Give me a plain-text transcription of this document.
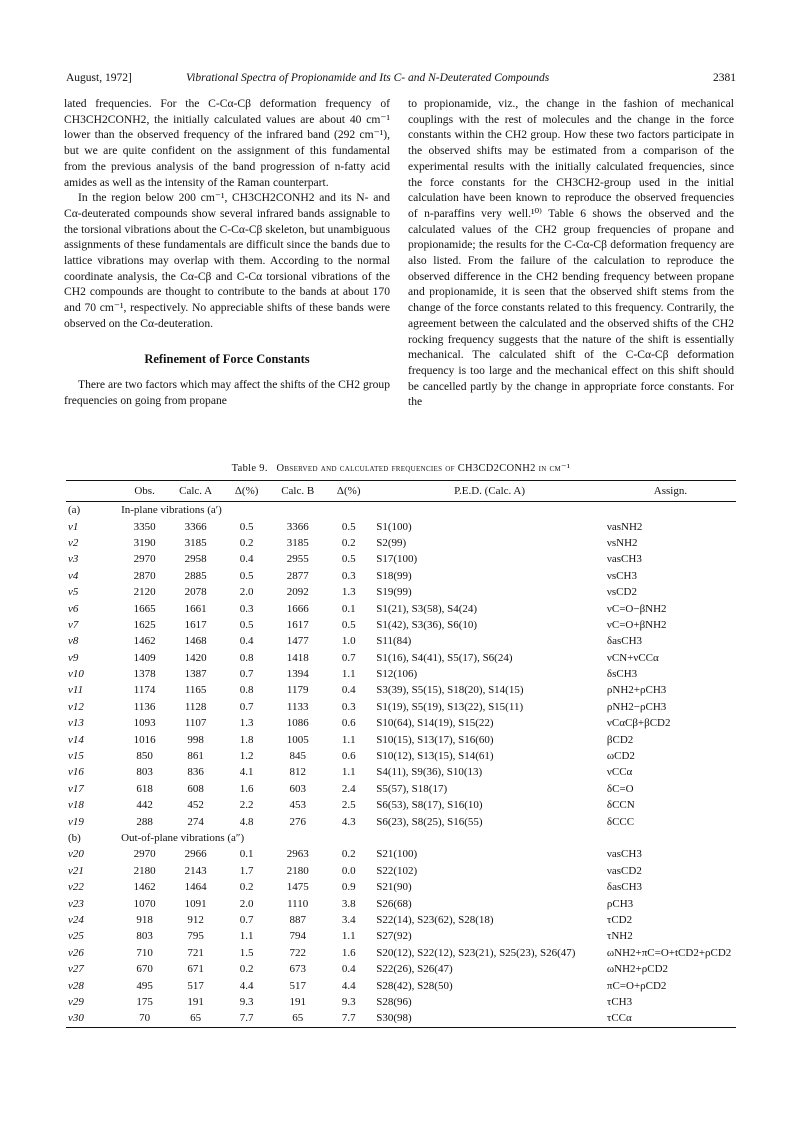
August, 1972]	Vibrational Spectra of Propionamide and Its C- and N-Deuterated Compounds	2381

lated frequencies. For the C-Cα-Cβ deformation frequency of CH3CH2CONH2, the initially calculated values are about 40 cm⁻¹ lower than the observed frequency of the infrared band (292 cm⁻¹), but we are quite confident on the assignment of this fundamental from the previous analysis of the band progression of n-fatty acid amides as well as the intensity of the Raman counterpart.

In the region below 200 cm⁻¹, CH3CH2CONH2 and its N- and Cα-deuterated compounds show several infrared bands assignable to the torsional vibrations about the C-Cα-Cβ skeleton, but unambiguous assignments of these fundamentals are difficult since the bands due to lattice vibrations may overlap with them. According to the normal coordinate analysis, the Cα-Cβ and C-Cα torsional vibrations of the CH2 compounds are thought to contribute to the bands at about 170 and 70 cm⁻¹, respectively. No appreciable shifts of these bands were observed on the Cα-deuteration.

Refinement of Force Constants

There are two factors which may affect the shifts of the CH2 group frequencies on going from propane

to propionamide, viz., the change in the fashion of mechanical couplings with the rest of molecules and the change in the force constants within the CH2 group. How these two factors participate in the observed shifts may be estimated from a comparison of the experimental results with the initially calculated frequencies, since the force constants for the CH3CH2-group used in the initial calculation have been known to reproduce the observed frequencies of n-paraffins very well.¹⁰⁾ Table 6 shows the observed and the calculated values of the CH2 group frequencies of propane and propionamide; the results for the C-Cα-Cβ deformation frequency are also listed. From the failure of the calculation to reproduce the observed difference in the CH2 bending frequency between propane and propionamide, it is seen that the observed shift stems from the change of the force constants related to this frequency. Contrarily, the agreement between the calculated and the observed shifts of the CH2 rocking frequency suggests that the nature of the shift is essentially mechanical. The calculated shift of the C-Cα-Cβ deformation frequency is too large and the mechanical effect on this shift should be cancelled partly by the change in appropriate force constants. For the

Table 9. Observed and calculated frequencies of CH3CD2CONH2 in cm⁻¹
	Obs.	Calc. A	Δ(%)	Calc. B	Δ(%)	P.E.D. (Calc. A)	Assign.
(a)	In-plane vibrations (a′)						
ν1	3350	3366	0.5	3366	0.5	S1(100)	νasNH2
ν2	3190	3185	0.2	3185	0.2	S2(99)	νsNH2
ν3	2970	2958	0.4	2955	0.5	S17(100)	νasCH3
ν4	2870	2885	0.5	2877	0.3	S18(99)	νsCH3
ν5	2120	2078	2.0	2092	1.3	S19(99)	νsCD2
ν6	1665	1661	0.3	1666	0.1	S1(21), S3(58), S4(24)	νC=O−βNH2
ν7	1625	1617	0.5	1617	0.5	S1(42), S3(36), S6(10)	νC=O+βNH2
ν8	1462	1468	0.4	1477	1.0	S11(84)	δasCH3
ν9	1409	1420	0.8	1418	0.7	S1(16), S4(41), S5(17), S6(24)	νCN+νCCα
ν10	1378	1387	0.7	1394	1.1	S12(106)	δsCH3
ν11	1174	1165	0.8	1179	0.4	S3(39), S5(15), S18(20), S14(15)	ρNH2+ρCH3
ν12	1136	1128	0.7	1133	0.3	S1(19), S5(19), S13(22), S15(11)	ρNH2−ρCH3
ν13	1093	1107	1.3	1086	0.6	S10(64), S14(19), S15(22)	νCαCβ+βCD2
ν14	1016	998	1.8	1005	1.1	S10(15), S13(17), S16(60)	βCD2
ν15	850	861	1.2	845	0.6	S10(12), S13(15), S14(61)	ωCD2
ν16	803	836	4.1	812	1.1	S4(11), S9(36), S10(13)	νCCα
ν17	618	608	1.6	603	2.4	S5(57), S18(17)	δC=O
ν18	442	452	2.2	453	2.5	S6(53), S8(17), S16(10)	δCCN
ν19	288	274	4.8	276	4.3	S6(23), S8(25), S16(55)	δCCC
(b)	Out-of-plane vibrations (a″)						
ν20	2970	2966	0.1	2963	0.2	S21(100)	νasCH3
ν21	2180	2143	1.7	2180	0.0	S22(102)	νasCD2
ν22	1462	1464	0.2	1475	0.9	S21(90)	δasCH3
ν23	1070	1091	2.0	1110	3.8	S26(68)	ρCH3
ν24	918	912	0.7	887	3.4	S22(14), S23(62), S28(18)	τCD2
ν25	803	795	1.1	794	1.1	S27(92)	τNH2
ν26	710	721	1.5	722	1.6	S20(12), S22(12), S23(21), S25(23), S26(47)	ωNH2+πC=O+tCD2+ρCD2
ν27	670	671	0.2	673	0.4	S22(26), S26(47)	ωNH2+ρCD2
ν28	495	517	4.4	517	4.4	S28(42), S28(50)	πC=O+ρCD2
ν29	175	191	9.3	191	9.3	S28(96)	τCH3
ν30	70	65	7.7	65	7.7	S30(98)	τCCα
